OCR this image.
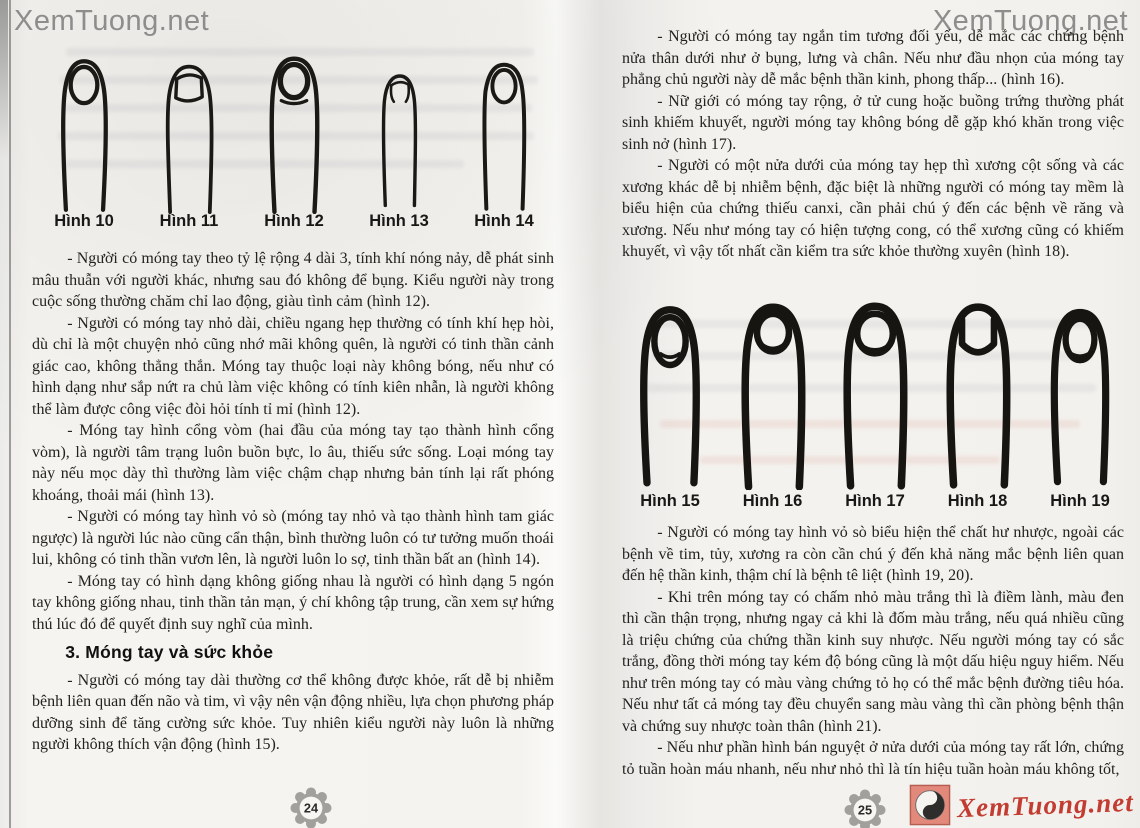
XemTuong.net	XemTuong.net
Hình 10	Hình 11	Hình 12	Hình 13	Hình 14

- Người có móng tay theo tỷ lệ rộng 4 dài 3, tính khí nóng nảy, dễ phát sinh mâu thuẫn với người khác, nhưng sau đó không để bụng. Kiểu người này trong cuộc sống thường chăm chỉ lao động, giàu tình cảm (hình 12).

- Người có móng tay nhỏ dài, chiều ngang hẹp thường có tính khí hẹp hòi, dù chỉ là một chuyện nhỏ cũng nhớ mãi không quên, là người có tinh thần cảnh giác cao, không thẳng thắn. Móng tay thuộc loại này không bóng, nếu như có hình dạng như sắp nứt ra chủ làm việc không có tính kiên nhẫn, là người không thể làm được công việc đòi hỏi tính tỉ mỉ (hình 12).

- Móng tay hình cổng vòm (hai đầu của móng tay tạo thành hình cổng vòm), là người tâm trạng luôn buồn bực, lo âu, thiếu sức sống. Loại móng tay này nếu mọc dày thì thường làm việc chậm chạp nhưng bản tính lại rất phóng khoáng, thoải mái (hình 13).

- Người có móng tay hình vỏ sò (móng tay nhỏ và tạo thành hình tam giác ngược) là người lúc nào cũng cẩn thận, bình thường luôn có tư tưởng muốn thoái lui, không có tinh thần vươn lên, là người luôn lo sợ, tinh thần bất an (hình 14).

- Móng tay có hình dạng không giống nhau là người có hình dạng 5 ngón tay không giống nhau, tinh thần tản mạn, ý chí không tập trung, cần xem sự hứng thú lúc đó để quyết định suy nghĩ của mình.

3. Móng tay và sức khỏe

- Người có móng tay dài thường cơ thể không được khỏe, rất dễ bị nhiễm bệnh liên quan đến não và tim, vì vậy nên vận động nhiều, lựa chọn phương pháp dưỡng sinh để tăng cường sức khỏe. Tuy nhiên kiểu người này luôn là những người không thích vận động (hình 15).

24

- Người có móng tay ngắn tim tương đối yếu, dễ mắc các chứng bệnh nửa thân dưới như ở bụng, lưng và chân. Nếu như đầu nhọn của móng tay phẳng chủ người này dễ mắc bệnh thần kinh, phong thấp... (hình 16).

- Nữ giới có móng tay rộng, ở tử cung hoặc buồng trứng thường phát sinh khiếm khuyết, người móng tay không bóng dễ gặp khó khăn trong việc sinh nở (hình 17).

- Người có một nửa dưới của móng tay hẹp thì xương cột sống và các xương khác dễ bị nhiễm bệnh, đặc biệt là những người có móng tay mềm là biểu hiện của chứng thiếu canxi, cần phải chú ý đến các bệnh về răng và xương. Nếu như móng tay có hiện tượng cong, có thể xương cũng có khiếm khuyết, vì vậy tốt nhất cần kiểm tra sức khỏe thường xuyên (hình 18).

Hình 15	Hình 16	Hình 17	Hình 18	Hình 19

- Người có móng tay hình vỏ sò biểu hiện thể chất hư nhược, ngoài các bệnh về tim, tủy, xương ra còn cần chú ý đến khả năng mắc bệnh liên quan đến hệ thần kinh, thậm chí là bệnh tê liệt (hình 19, 20).

- Khi trên móng tay có chấm nhỏ màu trắng thì là điềm lành, màu đen thì cần thận trọng, nhưng ngay cả khi là đốm màu trắng, nếu quá nhiều cũng là triệu chứng của chứng thần kinh suy nhược. Nếu người móng tay có sắc trắng, đồng thời móng tay kém độ bóng cũng là một dấu hiệu nguy hiểm. Nếu như trên móng tay có màu vàng chứng tỏ họ có thể mắc bệnh đường tiêu hóa. Nếu như tất cả móng tay đều chuyển sang màu vàng thì cần phòng bệnh thận và chứng suy nhược toàn thân (hình 21).

- Nếu như phần hình bán nguyệt ở nửa dưới của móng tay rất lớn, chứng tỏ tuần hoàn máu nhanh, nếu như nhỏ thì là tín hiệu tuần hoàn máu không tốt,

25	XemTuong.net
